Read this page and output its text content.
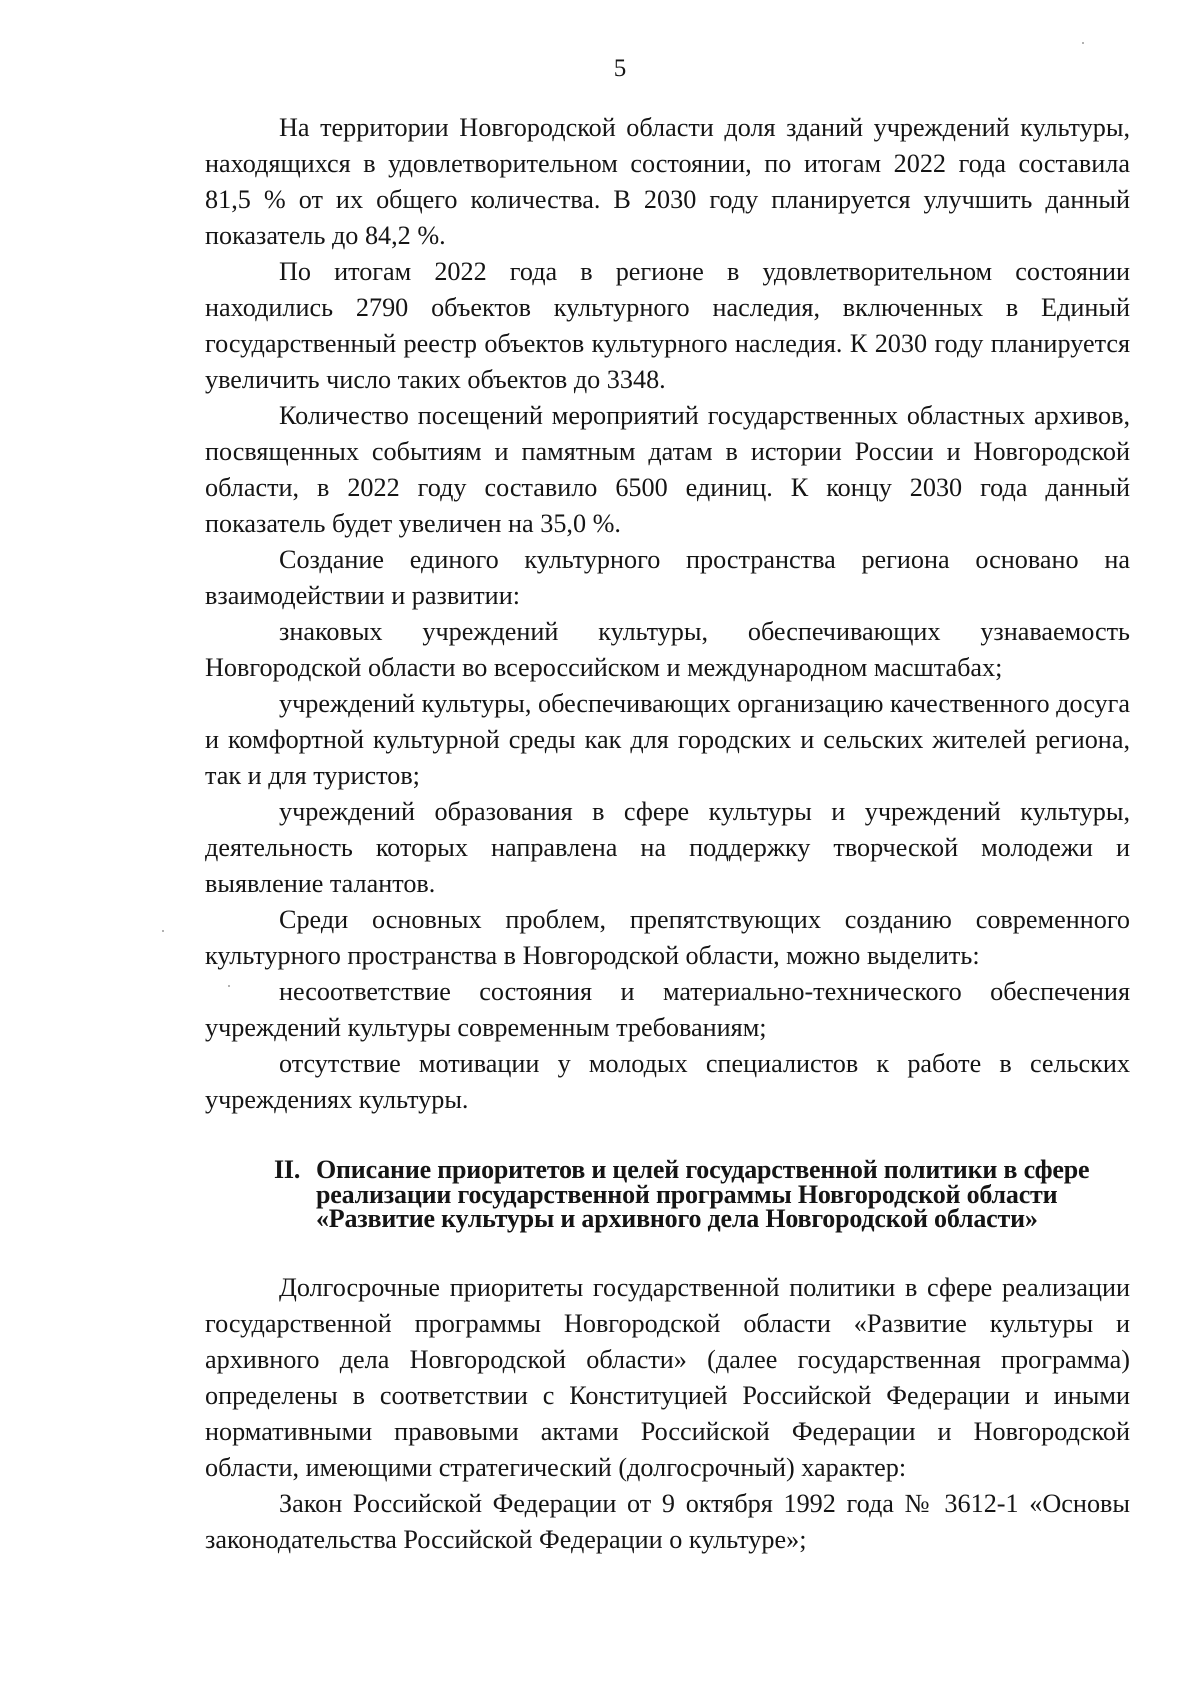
5

На территории Новгородской области доля зданий учреждений культуры, находящихся в удовлетворительном состоянии, по итогам 2022 года составила 81,5 % от их общего количества. В 2030 году планируется улучшить данный показатель до 84,2 %.

По итогам 2022 года в регионе в удовлетворительном состоянии находились 2790 объектов культурного наследия, включенных в Единый государственный реестр объектов культурного наследия. К 2030 году планируется увеличить число таких объектов до 3348.

Количество посещений мероприятий государственных областных архивов, посвященных событиям и памятным датам в истории России и Новгородской области, в 2022 году составило 6500 единиц. К концу 2030 года данный показатель будет увеличен на 35,0 %.

Создание единого культурного пространства региона основано на взаимодействии и развитии:

знаковых учреждений культуры, обеспечивающих узнаваемость Новгородской области во всероссийском и международном масштабах;

учреждений культуры, обеспечивающих организацию качественного досуга и комфортной культурной среды как для городских и сельских жителей региона, так и для туристов;

учреждений образования в сфере культуры и учреждений культуры, деятельность которых направлена на поддержку творческой молодежи и выявление талантов.

Среди основных проблем, препятствующих созданию современного культурного пространства в Новгородской области, можно выделить:

несоответствие состояния и материально-технического обеспечения учреждений культуры современным требованиям;

отсутствие мотивации у молодых специалистов к работе в сельских учреждениях культуры.

II. Описание приоритетов и целей государственной политики в сфере реализации государственной программы Новгородской области «Развитие культуры и архивного дела Новгородской области»

Долгосрочные приоритеты государственной политики в сфере реализации государственной программы Новгородской области «Развитие культуры и архивного дела Новгородской области» (далее государственная программа) определены в соответствии с Конституцией Российской Федерации и иными нормативными правовыми актами Российской Федерации и Новгородской области, имеющими стратегический (долгосрочный) характер:

Закон Российской Федерации от 9 октября 1992 года № 3612-1 «Основы законодательства Российской Федерации о культуре»;
